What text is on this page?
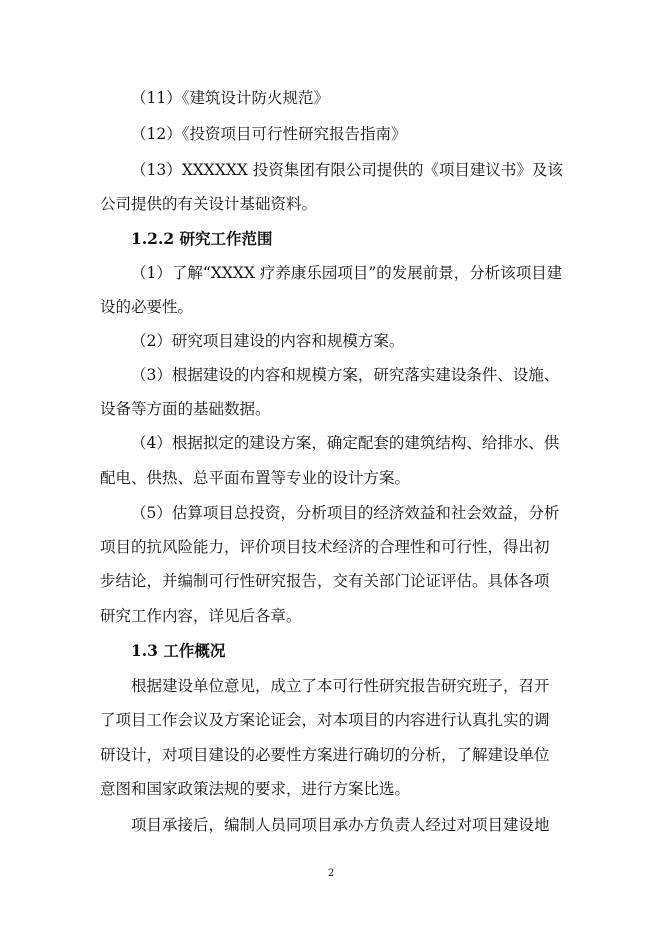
（11）《建筑设计防火规范》
（12）《投资项目可行性研究报告指南》
（13）XXXXXX 投资集团有限公司提供的《项目建议书》及该
公司提供的有关设计基础资料。
1.2.2 研究工作范围
（1）了解“XXXX 疗养康乐园项目”的发展前景，分析该项目建
设的必要性。
（2）研究项目建设的内容和规模方案。
（3）根据建设的内容和规模方案，研究落实建设条件、设施、
设备等方面的基础数据。
（4）根据拟定的建设方案，确定配套的建筑结构、给排水、供
配电、供热、总平面布置等专业的设计方案。
（5）估算项目总投资，分析项目的经济效益和社会效益，分析
项目的抗风险能力，评价项目技术经济的合理性和可行性，得出初
步结论，并编制可行性研究报告，交有关部门论证评估。具体各项
研究工作内容，详见后各章。
1.3 工作概况
根据建设单位意见，成立了本可行性研究报告研究班子，召开
了项目工作会议及方案论证会，对本项目的内容进行认真扎实的调
研设计，对项目建设的必要性方案进行确切的分析，了解建设单位
意图和国家政策法规的要求，进行方案比选。
项目承接后，编制人员同项目承办方负责人经过对项目建设地
2
